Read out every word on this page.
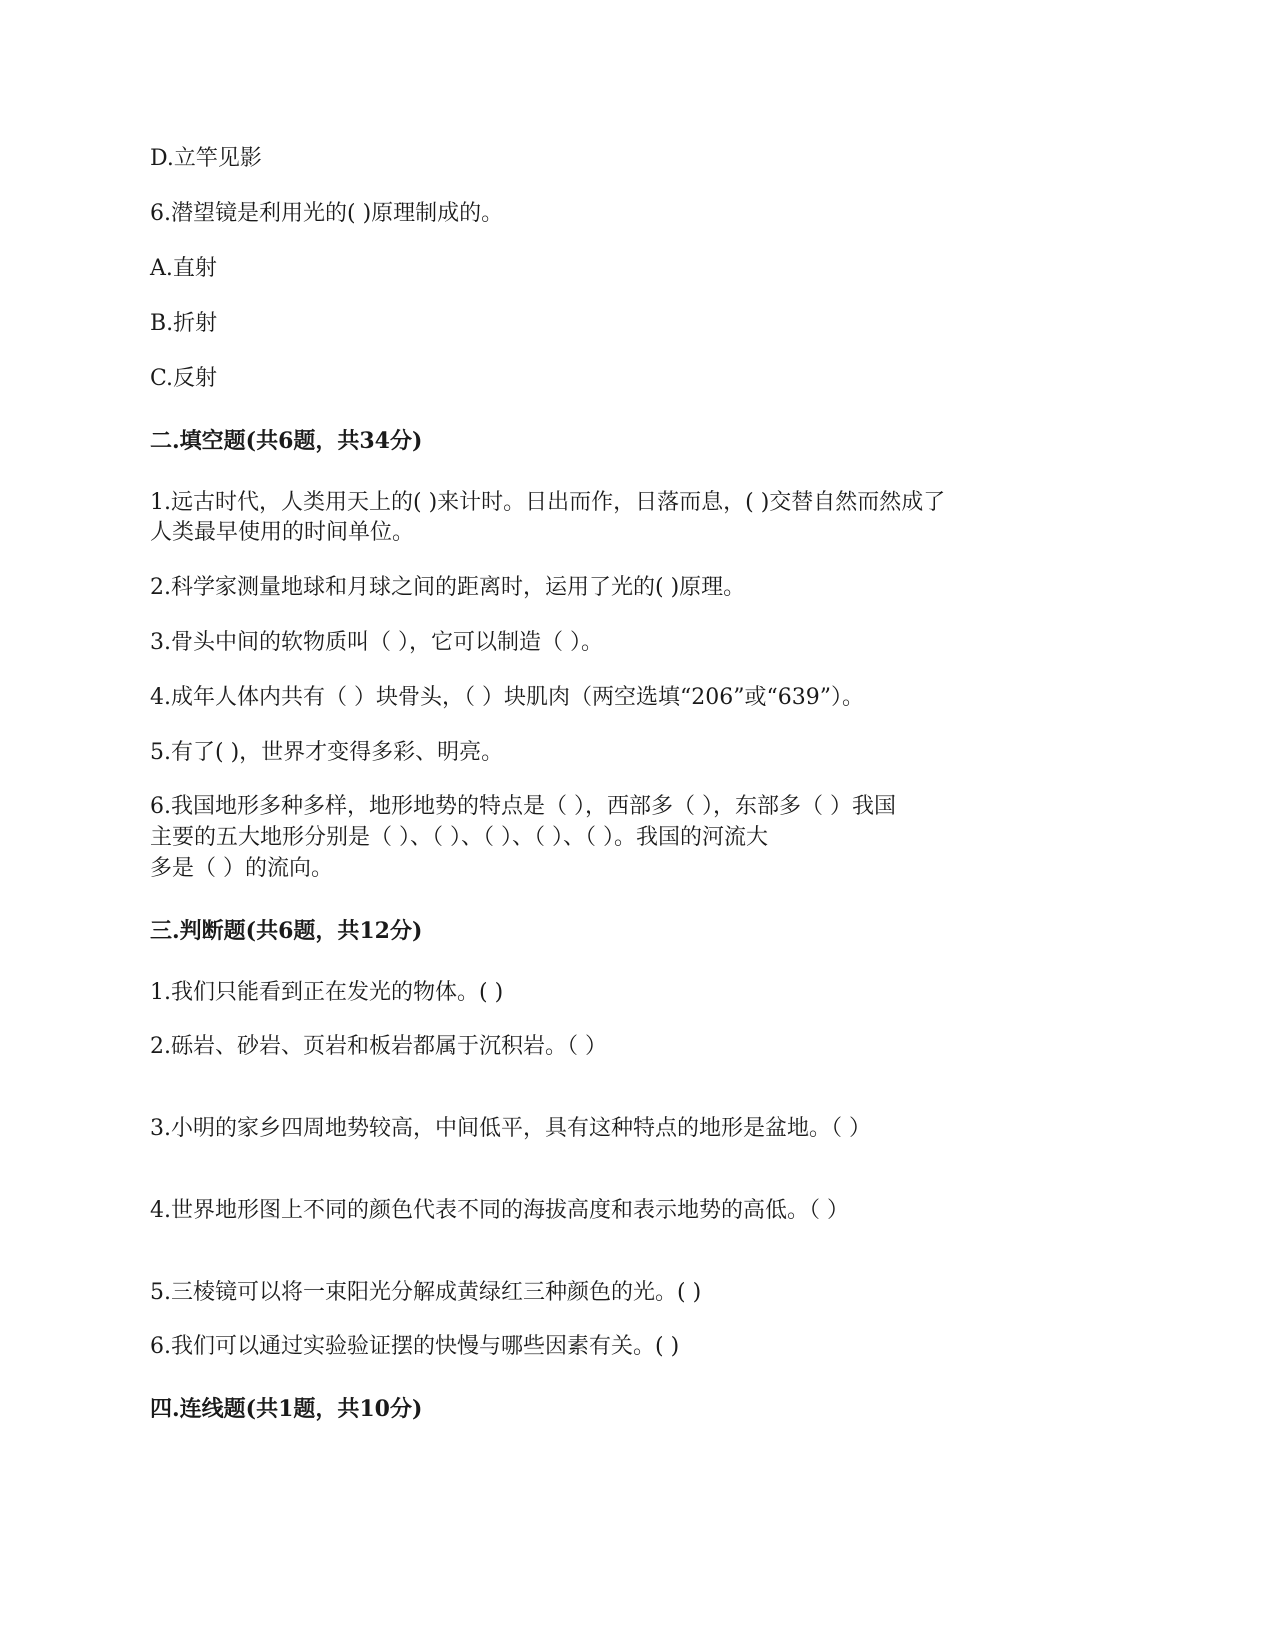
D.立竿见影

6.潜望镜是利用光的( )原理制成的。

A.直射

B.折射

C.反射

二.填空题(共6题，共34分)

1.远古时代，人类用天上的( )来计时。日出而作，日落而息，( )交替自然而然成了

人类最早使用的时间单位。

2.科学家测量地球和月球之间的距离时，运用了光的( )原理。

3.骨头中间的软物质叫（ ），它可以制造（ ）。

4.成年人体内共有（ ）块骨头，（ ）块肌肉（两空选填“206”或“639”）。

5.有了( )，世界才变得多彩、明亮。

6.我国地形多种多样，地形地势的特点是（ ），西部多（ ），东部多（ ）我国

主要的五大地形分别是（ ）、（ ）、（ ）、（ ）、（ ）。我国的河流大

多是（ ）的流向。

三.判断题(共6题，共12分)

1.我们只能看到正在发光的物体。( )

2.砾岩、砂岩、页岩和板岩都属于沉积岩。（ ）

3.小明的家乡四周地势较高，中间低平，具有这种特点的地形是盆地。（ ）

4.世界地形图上不同的颜色代表不同的海拔高度和表示地势的高低。（ ）

5.三棱镜可以将一束阳光分解成黄绿红三种颜色的光。( )

6.我们可以通过实验验证摆的快慢与哪些因素有关。( )

四.连线题(共1题，共10分)
